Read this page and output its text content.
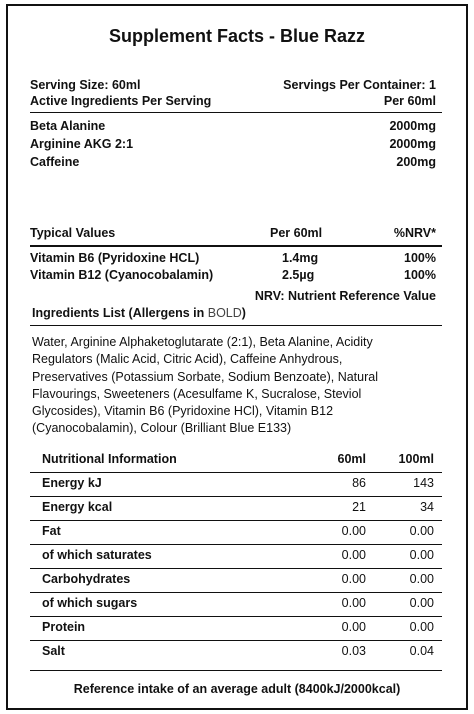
Supplement Facts - Blue Razz
Serving Size: 60ml	Servings Per Container: 1
Active Ingredients Per Serving	Per 60ml
Beta Alanine	2000mg
Arginine AKG 2:1	2000mg
Caffeine	200mg
Typical Values	Per 60ml	%NRV*
Vitamin B6 (Pyridoxine HCL)	1.4mg	100%
Vitamin B12 (Cyanocobalamin)	2.5µg	100%
NRV: Nutrient Reference Value
Ingredients List (Allergens in BOLD)
Water, Arginine Alphaketoglutarate (2:1), Beta Alanine, Acidity
Regulators (Malic Acid, Citric Acid), Caffeine Anhydrous,
Preservatives (Potassium Sorbate, Sodium Benzoate), Natural
Flavourings, Sweeteners (Acesulfame K, Sucralose, Steviol
Glycosides), Vitamin B6 (Pyridoxine HCl), Vitamin B12
(Cyanocobalamin), Colour (Brilliant Blue E133)
Nutritional Information	60ml	100ml
Energy kJ	86	143
Energy kcal	21	34
Fat	0.00	0.00
of which saturates	0.00	0.00
Carbohydrates	0.00	0.00
of which sugars	0.00	0.00
Protein	0.00	0.00
Salt	0.03	0.04
Reference intake of an average adult (8400kJ/2000kcal)
